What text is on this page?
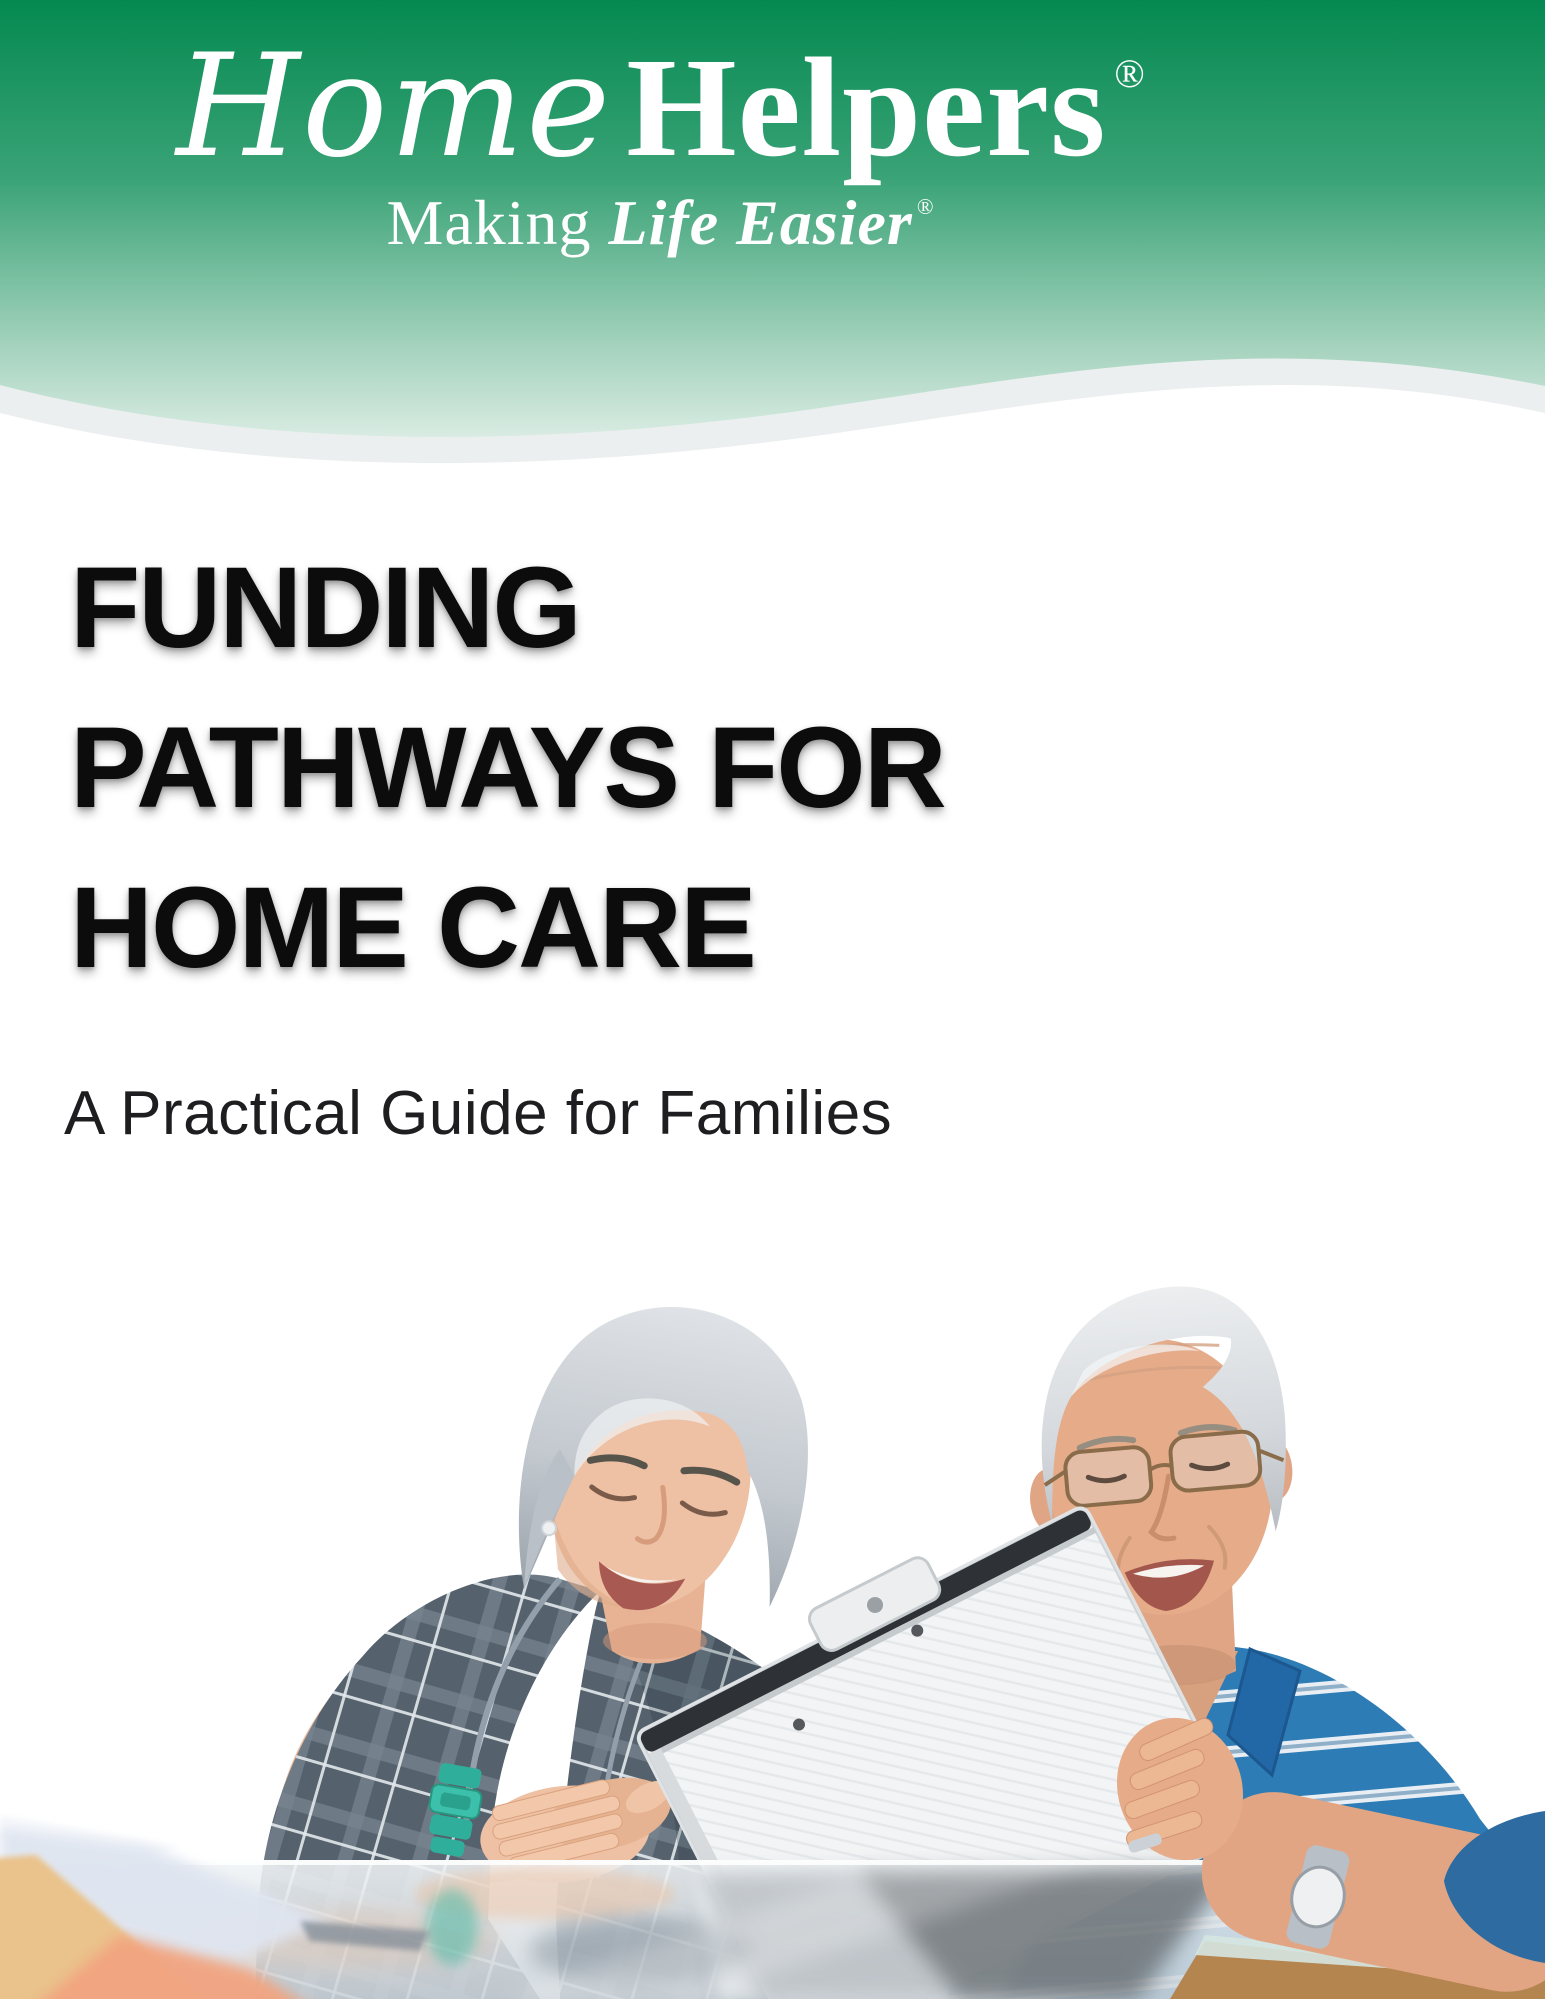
HomeHelpers ®
Making Life Easier ®
FUNDING
PATHWAYS FOR
HOME CARE
A Practical Guide for Families
